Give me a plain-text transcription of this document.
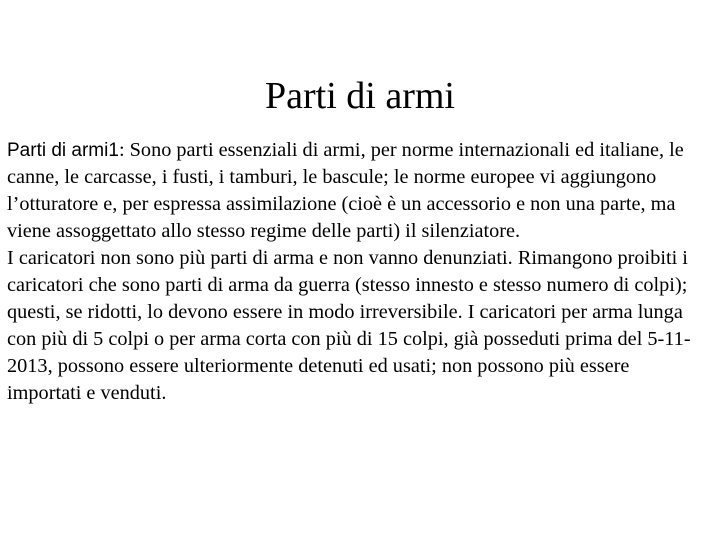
Parti di armi

Parti di armi1: Sono parti essenziali di armi, per norme internazionali ed italiane, le canne, le carcasse, i fusti, i tamburi, le bascule; le norme europee vi aggiungono l’otturatore e, per espressa assimilazione (cioè è un accessorio e non una parte, ma viene assoggettato allo stesso regime delle parti) il silenziatore.

I caricatori non sono più parti di arma e non vanno denunziati. Rimangono proibiti i caricatori che sono parti di arma da guerra (stesso innesto e stesso numero di colpi); questi, se ridotti, lo devono essere in modo irreversibile. I caricatori per arma lunga con più di 5 colpi o per arma corta con più di 15 colpi, già posseduti prima del 5-11-2013, possono essere ulteriormente detenuti ed usati; non possono più essere importati e venduti.
